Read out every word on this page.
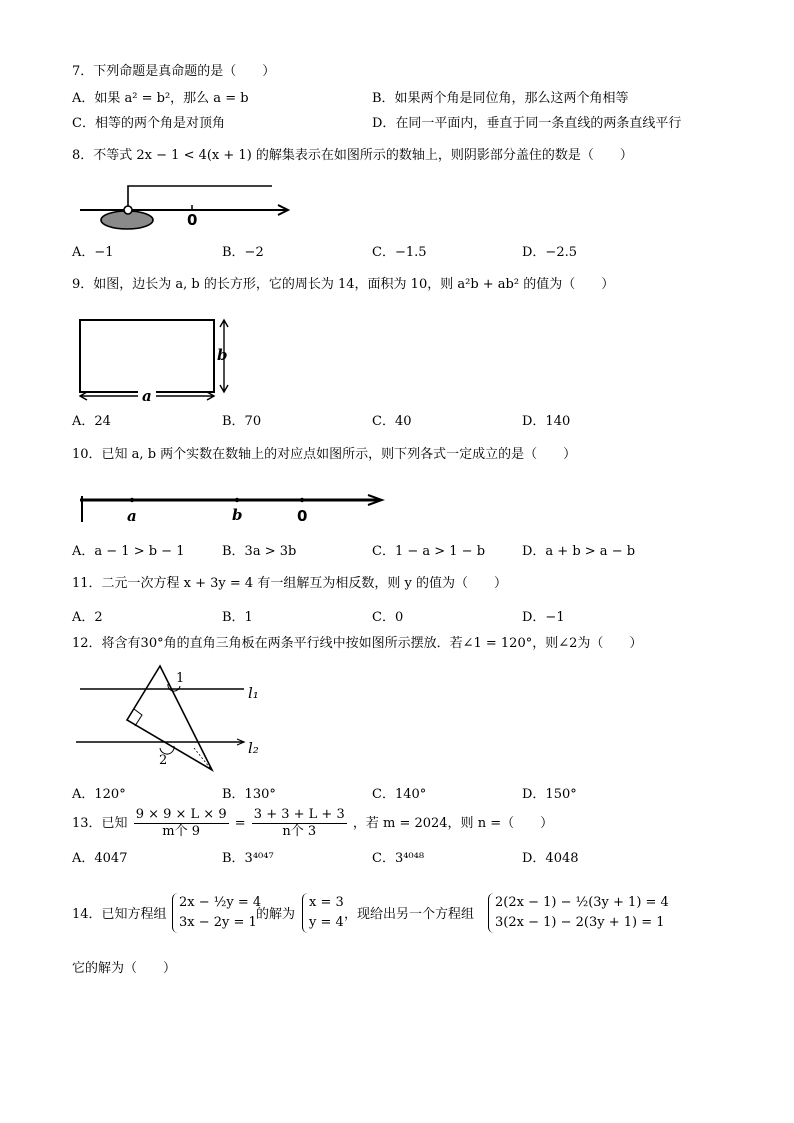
7．下列命题是真命题的是（　　）
A．如果 a² = b²，那么 a = b	B．如果两个角是同位角，那么这两个角相等
C．相等的两个角是对顶角	D．在同一平面内，垂直于同一条直线的两条直线平行
8．不等式 2x − 1 < 4(x + 1) 的解集表示在如图所示的数轴上，则阴影部分盖住的数是（　　）
0
A．−1	B．−2	C．−1.5	D．−2.5
9．如图，边长为 a, b 的长方形，它的周长为 14，面积为 10，则 a²b + ab² 的值为（　　）
b
a
A．24	B．70	C．40	D．140
10．已知 a, b 两个实数在数轴上的对应点如图所示，则下列各式一定成立的是（　　）
a	b	0
A．a − 1 > b − 1	B．3a > 3b	C．1 − a > 1 − b	D．a + b > a − b
11．二元一次方程 x + 3y = 4 有一组解互为相反数，则 y 的值为（　　）
A．2	B．1	C．0	D．−1
12．将含有30°角的直角三角板在两条平行线中按如图所示摆放．若∠1 = 120°，则∠2为（　　）
1
2
l₁
l₂
A．120°	B．130°	C．140°	D．150°
13．已知 $\frac{9 \times 9 \times L \times 9}{\text{m个 9}} = \frac{3 + 3 + L + 3}{\text{n个 3}}$ ，若 m = 2024，则 n =（　　）
A．4047	B．3⁴⁰⁴⁷	C．3⁴⁰⁴⁸	D．4048
14．已知方程组
2x − ½y = 4
3x − 2y = 1
的解为
x = 3
y = 4
，现给出另一个方程组
2(2x − 1) − ½(3y + 1) = 4
3(2x − 1) − 2(3y + 1) = 1
它的解为（　　）
